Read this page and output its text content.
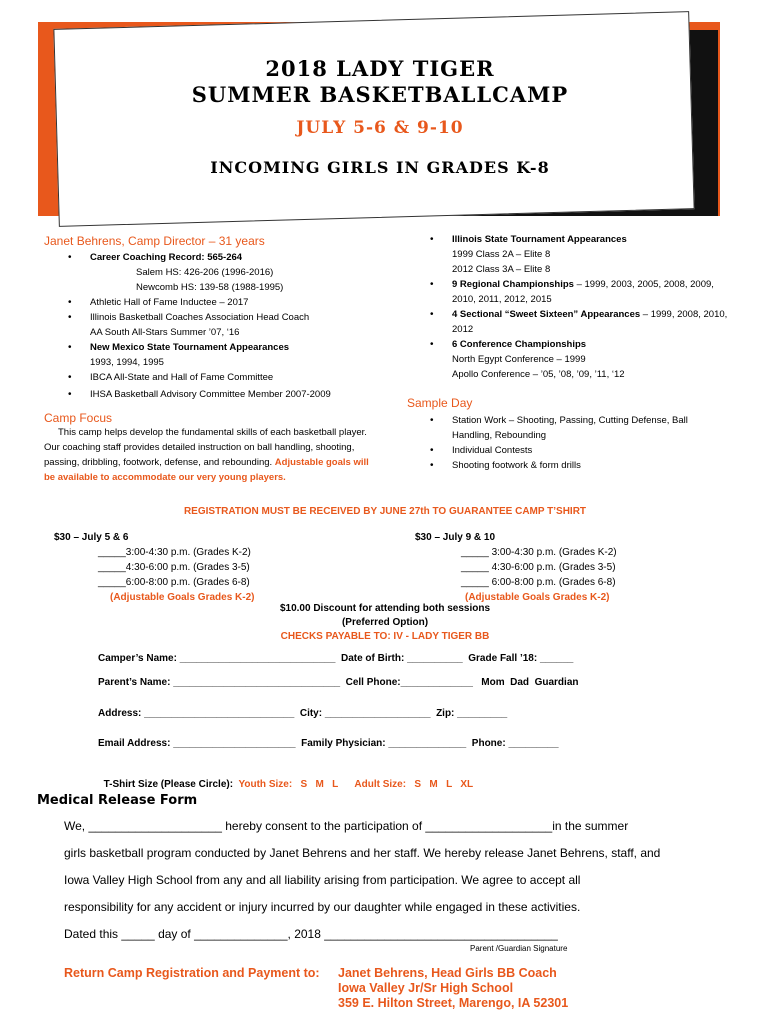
2018 LADY TIGER
SUMMER BASKETBALLCAMP
JULY 5-6 & 9-10
INCOMING GIRLS IN GRADES K-8
Janet Behrens, Camp Director – 31 years
• Career Coaching Record: 565-264
Salem HS: 426-206 (1996-2016)
Newcomb HS: 139-58 (1988-1995)
• Athletic Hall of Fame Inductee – 2017
• Illinois Basketball Coaches Association Head Coach
AA South All-Stars Summer ’07, ‘16
• New Mexico State Tournament Appearances
1993, 1994, 1995
• IBCA All-State and Hall of Fame Committee
• IHSA Basketball Advisory Committee Member 2007-2009
Camp Focus
This camp helps develop the fundamental skills of each basketball player. Our coaching staff provides detailed instruction on ball handling, shooting, passing, dribbling, footwork, defense, and rebounding. Adjustable goals will be available to accommodate our very young players.
• Illinois State Tournament Appearances
1999 Class 2A – Elite 8
2012 Class 3A – Elite 8
• 9 Regional Championships – 1999, 2003, 2005, 2008, 2009, 2010, 2011, 2012, 2015
• 4 Sectional “Sweet Sixteen” Appearances – 1999, 2008, 2010, 2012
• 6 Conference Championships
North Egypt Conference – 1999
Apollo Conference – ’05, ’08, ’09, ’11, ‘12
Sample Day
• Station Work – Shooting, Passing, Cutting Defense, Ball Handling, Rebounding
• Individual Contests
• Shooting footwork & form drills
REGISTRATION MUST BE RECEIVED BY JUNE 27th TO GUARANTEE CAMP T’SHIRT
$30 – July 5 & 6
_____3:00-4:30 p.m. (Grades K-2)
_____4:30-6:00 p.m. (Grades 3-5)
_____6:00-8:00 p.m. (Grades 6-8)
(Adjustable Goals Grades K-2)
$30 – July 9 & 10
_____ 3:00-4:30 p.m. (Grades K-2)
_____ 4:30-6:00 p.m. (Grades 3-5)
_____ 6:00-8:00 p.m. (Grades 6-8)
(Adjustable Goals Grades K-2)
$10.00 Discount for attending both sessions
(Preferred Option)
CHECKS PAYABLE TO: IV - LADY TIGER BB
Camper’s Name: ____________________________  Date of Birth: __________  Grade Fall ’18: ______
Parent’s Name: ______________________________  Cell Phone:_____________   Mom  Dad  Guardian
Address: ___________________________  City: ___________________  Zip: _________
Email Address: ______________________  Family Physician: ______________  Phone: _________

T-Shirt Size (Please Circle): Youth Size:   S   M   L Adult Size:   S   M   L   XL

Medical Release Form
We, ____________________ hereby consent to the participation of ___________________in the summer
girls basketball program conducted by Janet Behrens and her staff. We hereby release Janet Behrens, staff, and
Iowa Valley High School from any and all liability arising from participation. We agree to accept all
responsibility for any accident or injury incurred by our daughter while engaged in these activities.
Dated this _____ day of ______________, 2018 ___________________________________
Parent /Guardian Signature
Return Camp Registration and Payment to: Janet Behrens, Head Girls BB Coach
Iowa Valley Jr/Sr High School
359 E. Hilton Street, Marengo, IA 52301
